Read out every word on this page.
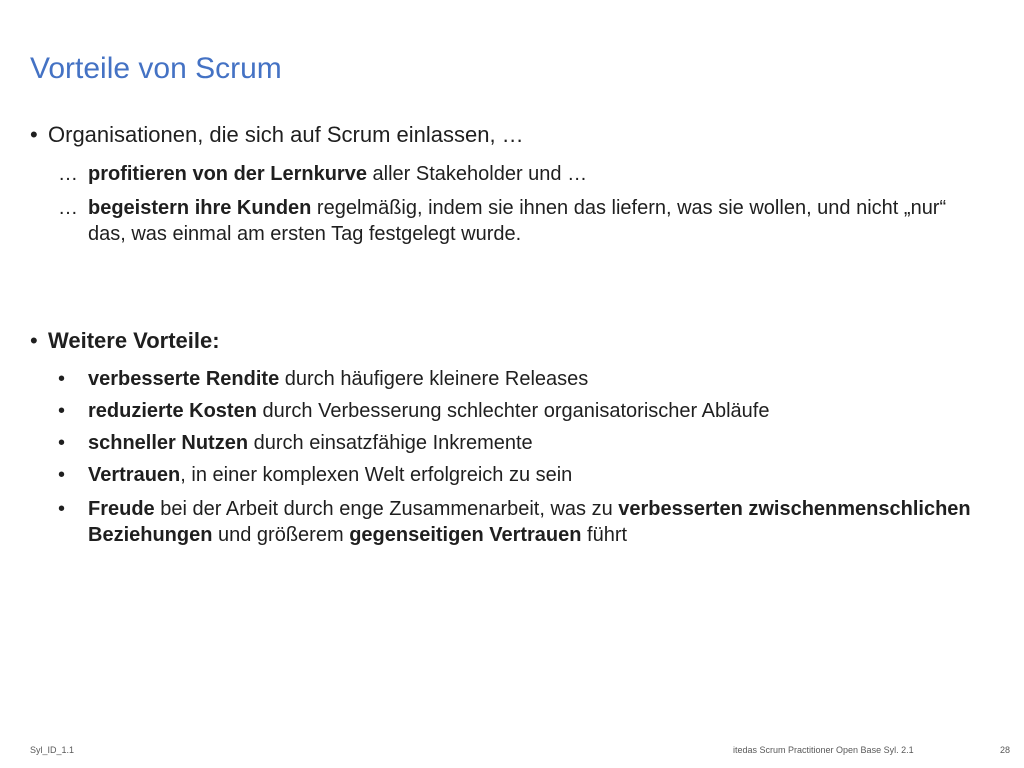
Vorteile von Scrum
• Organisationen, die sich auf Scrum einlassen, …
… profitieren von der Lernkurve aller Stakeholder und …
… begeistern ihre Kunden regelmäßig, indem sie ihnen das liefern, was sie wollen, und nicht „nur“ das, was einmal am ersten Tag festgelegt wurde.
• Weitere Vorteile:
• verbesserte Rendite durch häufigere kleinere Releases
• reduzierte Kosten durch Verbesserung schlechter organisatorischer Abläufe
• schneller Nutzen durch einsatzfähige Inkremente
• Vertrauen, in einer komplexen Welt erfolgreich zu sein
• Freude bei der Arbeit durch enge Zusammenarbeit, was zu verbesserten zwischenmenschlichen Beziehungen und größerem gegenseitigen Vertrauen führt
Syl_ID_1.1	itedas Scrum Practitioner Open Base Syl. 2.1	28
